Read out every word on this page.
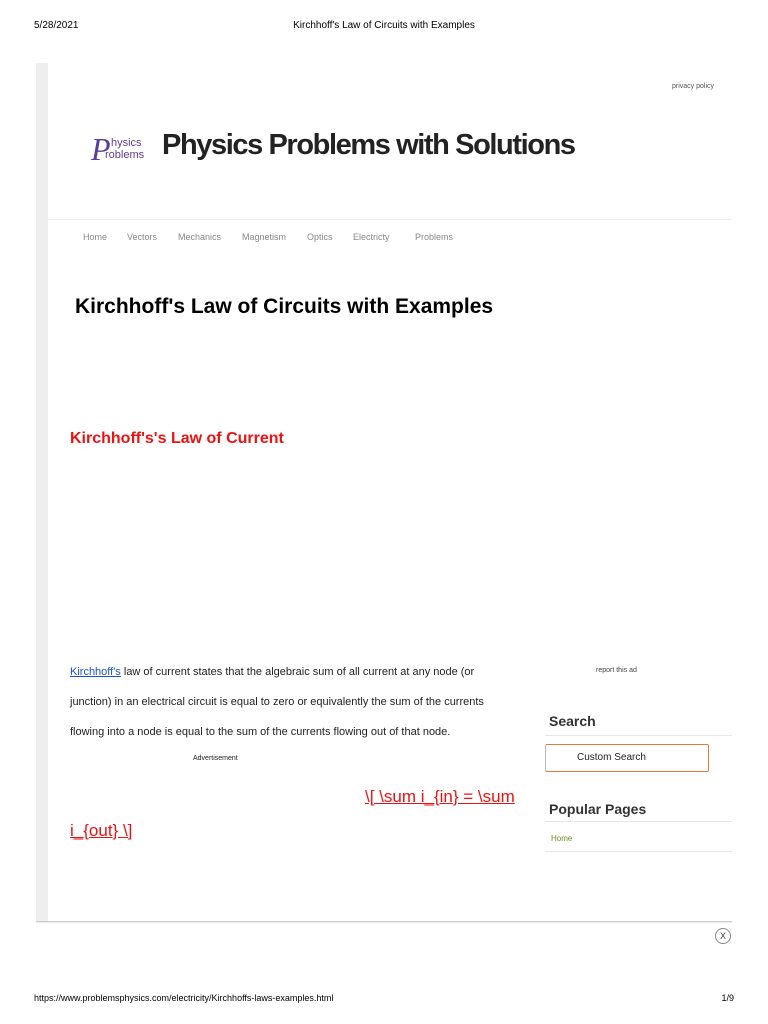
5/28/2021	Kirchhoff's Law of Circuits with Examples
privacy policy
P hysics
roblems Physics Problems with Solutions
Home Vectors Mechanics Magnetism Optics Electricty	Problems
Kirchhoff's Law of Circuits with Examples
Kirchhoff's's Law of Current

Kirchhoff's law of current states that the algebraic sum of all current at any node (or junction) in an electrical circuit is equal to zero or equivalently the sum of the currents flowing into a node is equal to the sum of the currents flowing out of that node.

Advertisement
\[ \sum i_{in} = \sum
i_{out} \]
report this ad
Search
Custom Search
Popular Pages
Home
X
https://www.problemsphysics.com/electricity/Kirchhoffs-laws-examples.html	1/9
